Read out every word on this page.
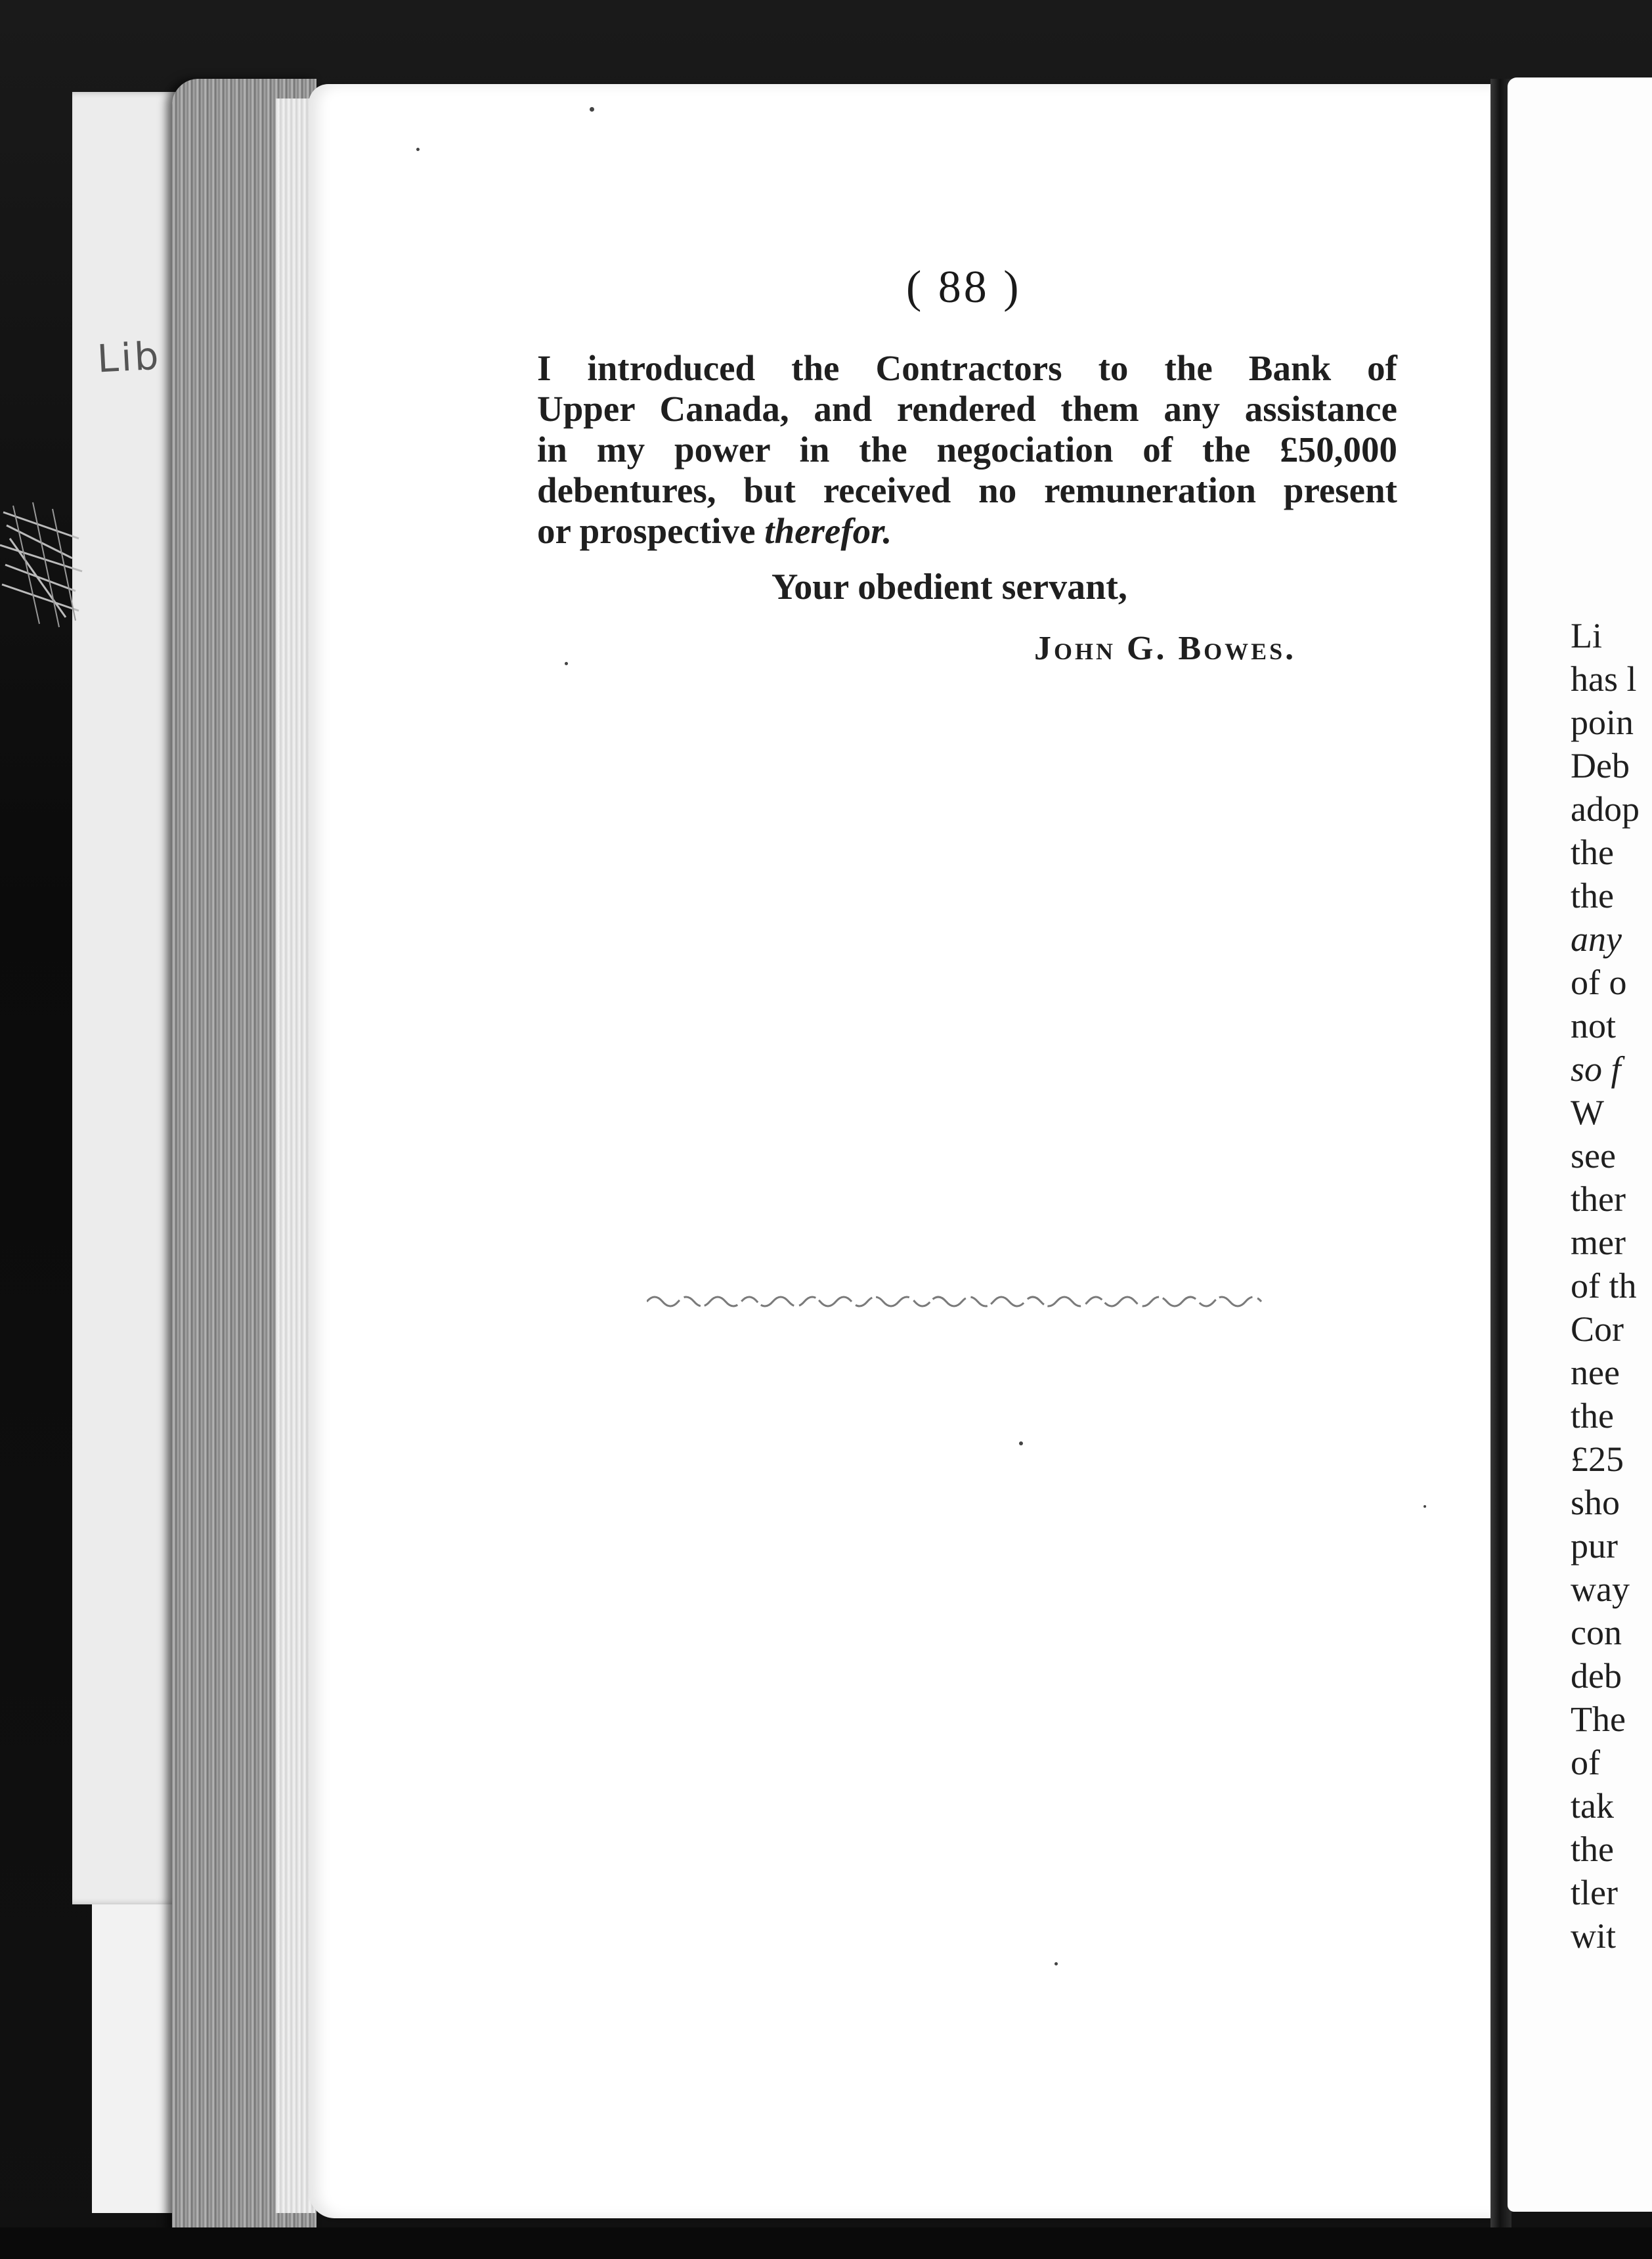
Lib
( 88 )
I introduced the Contractors to the Bank of
Upper Canada, and rendered them any assistance
in my power in the negociation of the £50,000
debentures, but received no remuneration present
or prospective therefor.
Your obedient servant,
John G. Bowes.	Li
has l
poin
Deb
adop
the
the
any
of o
not
so f
W
see
ther
mer
of th
Cor
nee
the
£25
sho
pur
way
con
deb
The
of
tak
the
tler
wit
